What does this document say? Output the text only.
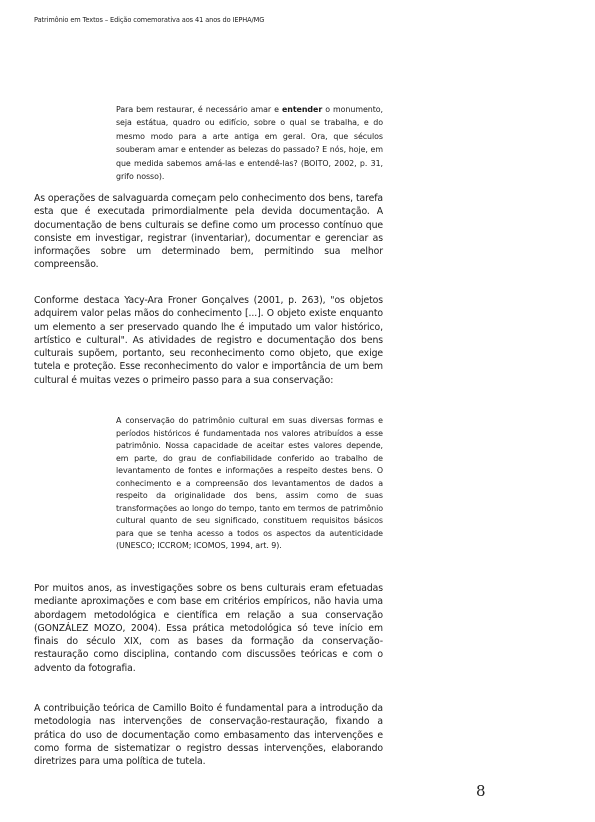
Patrimônio em Textos – Edição comemorativa aos 41 anos do IEPHA/MG
Para bem restaurar, é necessário amar e entender o monumento, seja estátua, quadro ou edifício, sobre o qual se trabalha, e do mesmo modo para a arte antiga em geral. Ora, que séculos souberam amar e entender as belezas do passado? E nós, hoje, em que medida sabemos amá-las e entendê-las? (BOITO, 2002, p. 31, grifo nosso).

As operações de salvaguarda começam pelo conhecimento dos bens, tarefa esta que é executada primordialmente pela devida documentação. A documentação de bens culturais se define como um processo contínuo que consiste em investigar, registrar (inventariar), documentar e gerenciar as informações sobre um determinado bem, permitindo sua melhor compreensão.

Conforme destaca Yacy-Ara Froner Gonçalves (2001, p. 263), "os objetos adquirem valor pelas mãos do conhecimento [...]. O objeto existe enquanto um elemento a ser preservado quando lhe é imputado um valor histórico, artístico e cultural". As atividades de registro e documentação dos bens culturais supõem, portanto, seu reconhecimento como objeto, que exige tutela e proteção. Esse reconhecimento do valor e importância de um bem cultural é muitas vezes o primeiro passo para a sua conservação:

A conservação do patrimônio cultural em suas diversas formas e períodos históricos é fundamentada nos valores atribuídos a esse patrimônio. Nossa capacidade de aceitar estes valores depende, em parte, do grau de confiabilidade conferido ao trabalho de levantamento de fontes e informações a respeito destes bens. O conhecimento e a compreensão dos levantamentos de dados a respeito da originalidade dos bens, assim como de suas transformações ao longo do tempo, tanto em termos de patrimônio cultural quanto de seu significado, constituem requisitos básicos para que se tenha acesso a todos os aspectos da autenticidade (UNESCO; ICCROM; ICOMOS, 1994, art. 9).

Por muitos anos, as investigações sobre os bens culturais eram efetuadas mediante aproximações e com base em critérios empíricos, não havia uma abordagem metodológica e científica em relação a sua conservação (GONZÁLEZ MOZO, 2004). Essa prática metodológica só teve início em finais do século XIX, com as bases da formação da conservação-restauração como disciplina, contando com discussões teóricas e com o advento da fotografia.

A contribuição teórica de Camillo Boito é fundamental para a introdução da metodologia nas intervenções de conservação-restauração, fixando a prática do uso de documentação como embasamento das intervenções e como forma de sistematizar o registro dessas intervenções, elaborando diretrizes para uma política de tutela.

8
